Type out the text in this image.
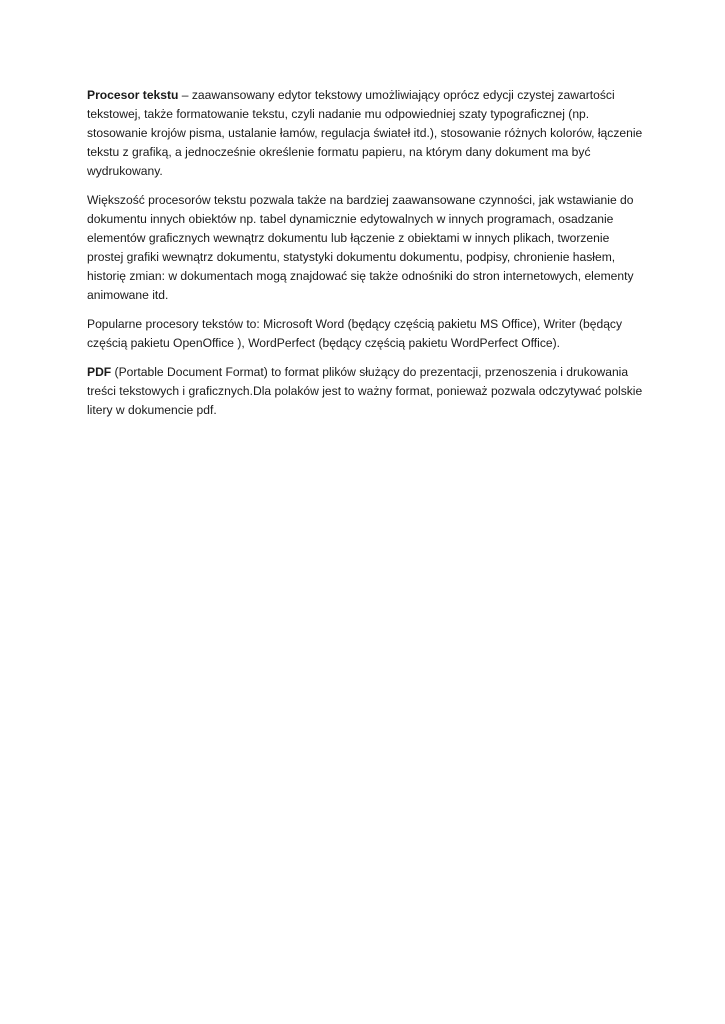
Procesor tekstu – zaawansowany edytor tekstowy umożliwiający oprócz edycji czystej zawartości tekstowej, także formatowanie tekstu, czyli nadanie mu odpowiedniej szaty typograficznej (np. stosowanie krojów pisma, ustalanie łamów, regulacja świateł itd.), stosowanie różnych kolorów, łączenie tekstu z grafiką, a jednocześnie określenie formatu papieru, na którym dany dokument ma być wydrukowany.

Większość procesorów tekstu pozwala także na bardziej zaawansowane czynności, jak wstawianie do dokumentu innych obiektów np. tabel dynamicznie edytowalnych w innych programach, osadzanie elementów graficznych wewnątrz dokumentu lub łączenie z obiektami w innych plikach, tworzenie prostej grafiki wewnątrz dokumentu, statystyki dokumentu dokumentu, podpisy, chronienie hasłem, historię zmian: w dokumentach mogą znajdować się także odnośniki do stron internetowych, elementy animowane itd.

Popularne procesory tekstów to: Microsoft Word (będący częścią pakietu MS Office), Writer (będący częścią pakietu OpenOffice ), WordPerfect (będący częścią pakietu WordPerfect Office).

PDF (Portable Document Format) to format plików służący do prezentacji, przenoszenia i drukowania treści tekstowych i graficznych.Dla polaków jest to ważny format, ponieważ pozwala odczytywać polskie litery w dokumencie pdf.
